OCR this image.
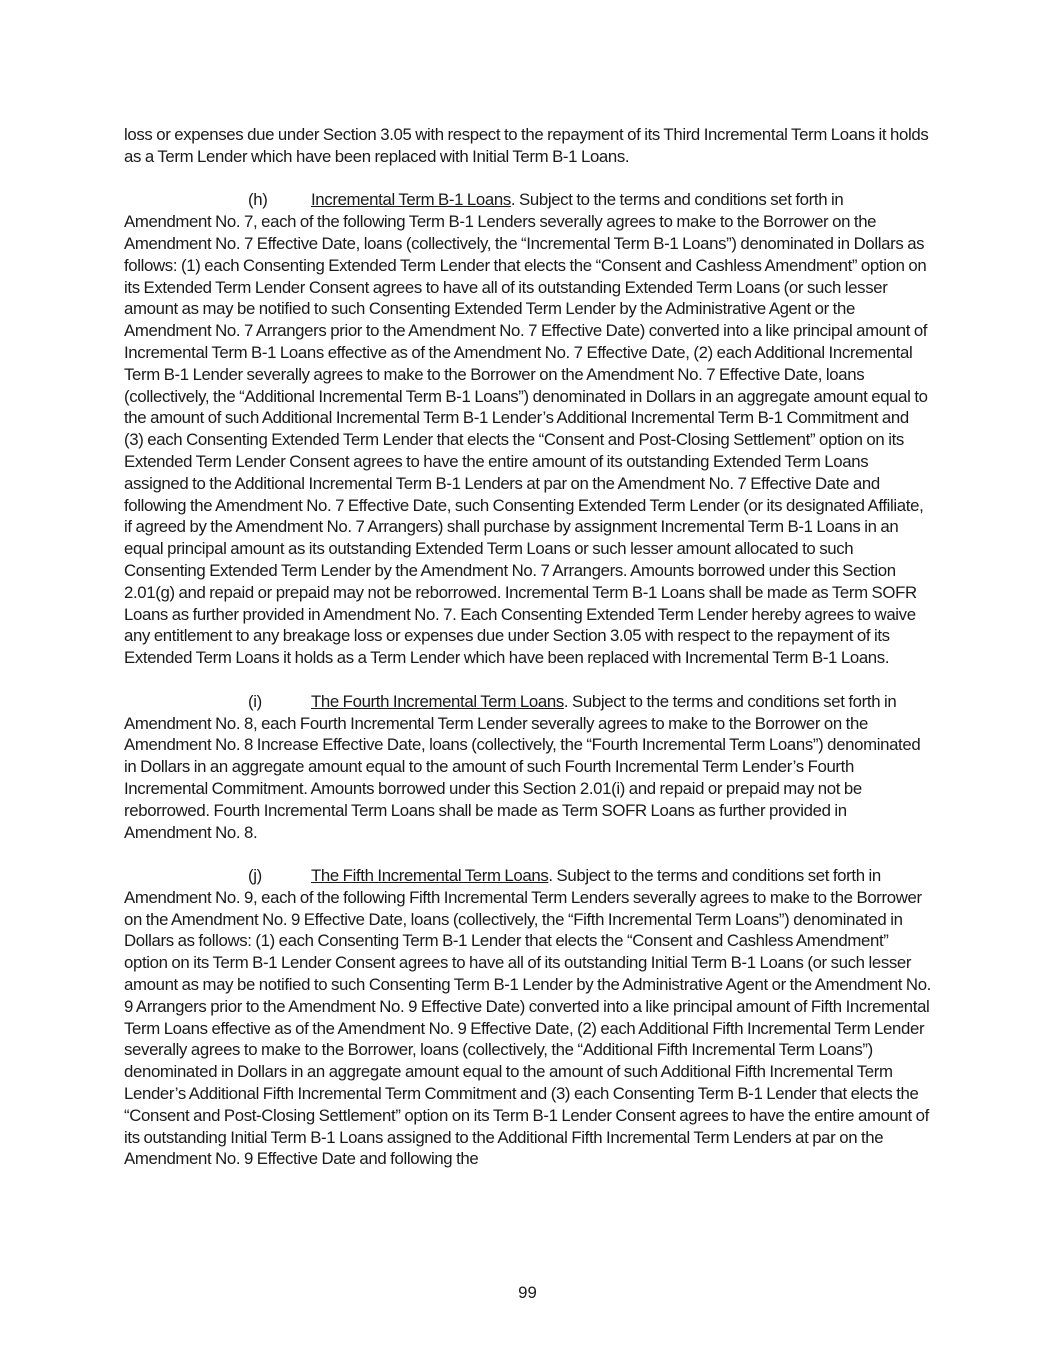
loss or expenses due under Section 3.05 with respect to the repayment of its Third Incremental Term Loans it holds as a Term Lender which have been replaced with Initial Term B-1 Loans.

(h)	Incremental Term B-1 Loans. Subject to the terms and conditions set forth in Amendment No. 7, each of the following Term B-1 Lenders severally agrees to make to the Borrower on the Amendment No. 7 Effective Date, loans (collectively, the “Incremental Term B-1 Loans”) denominated in Dollars as follows: (1) each Consenting Extended Term Lender that elects the “Consent and Cashless Amendment” option on its Extended Term Lender Consent agrees to have all of its outstanding Extended Term Loans (or such lesser amount as may be notified to such Consenting Extended Term Lender by the Administrative Agent or the Amendment No. 7 Arrangers prior to the Amendment No. 7 Effective Date) converted into a like principal amount of Incremental Term B-1 Loans effective as of the Amendment No. 7 Effective Date, (2) each Additional Incremental Term B-1 Lender severally agrees to make to the Borrower on the Amendment No. 7 Effective Date, loans (collectively, the “Additional Incremental Term B-1 Loans”) denominated in Dollars in an aggregate amount equal to the amount of such Additional Incremental Term B-1 Lender’s Additional Incremental Term B-1 Commitment and (3) each Consenting Extended Term Lender that elects the “Consent and Post-Closing Settlement” option on its Extended Term Lender Consent agrees to have the entire amount of its outstanding Extended Term Loans assigned to the Additional Incremental Term B-1 Lenders at par on the Amendment No. 7 Effective Date and following the Amendment No. 7 Effective Date, such Consenting Extended Term Lender (or its designated Affiliate, if agreed by the Amendment No. 7 Arrangers) shall purchase by assignment Incremental Term B-1 Loans in an equal principal amount as its outstanding Extended Term Loans or such lesser amount allocated to such Consenting Extended Term Lender by the Amendment No. 7 Arrangers. Amounts borrowed under this Section 2.01(g) and repaid or prepaid may not be reborrowed. Incremental Term B-1 Loans shall be made as Term SOFR Loans as further provided in Amendment No. 7. Each Consenting Extended Term Lender hereby agrees to waive any entitlement to any breakage loss or expenses due under Section 3.05 with respect to the repayment of its Extended Term Loans it holds as a Term Lender which have been replaced with Incremental Term B-1 Loans.

(i)	The Fourth Incremental Term Loans. Subject to the terms and conditions set forth in Amendment No. 8, each Fourth Incremental Term Lender severally agrees to make to the Borrower on the Amendment No. 8 Increase Effective Date, loans (collectively, the “Fourth Incremental Term Loans”) denominated in Dollars in an aggregate amount equal to the amount of such Fourth Incremental Term Lender’s Fourth Incremental Commitment. Amounts borrowed under this Section 2.01(i) and repaid or prepaid may not be reborrowed. Fourth Incremental Term Loans shall be made as Term SOFR Loans as further provided in Amendment No. 8.

(j)	The Fifth Incremental Term Loans. Subject to the terms and conditions set forth in Amendment No. 9, each of the following Fifth Incremental Term Lenders severally agrees to make to the Borrower on the Amendment No. 9 Effective Date, loans (collectively, the “Fifth Incremental Term Loans”) denominated in Dollars as follows: (1) each Consenting Term B-1 Lender that elects the “Consent and Cashless Amendment” option on its Term B-1 Lender Consent agrees to have all of its outstanding Initial Term B-1 Loans (or such lesser amount as may be notified to such Consenting Term B-1 Lender by the Administrative Agent or the Amendment No. 9 Arrangers prior to the Amendment No. 9 Effective Date) converted into a like principal amount of Fifth Incremental Term Loans effective as of the Amendment No. 9 Effective Date, (2) each Additional Fifth Incremental Term Lender severally agrees to make to the Borrower, loans (collectively, the “Additional Fifth Incremental Term Loans”) denominated in Dollars in an aggregate amount equal to the amount of such Additional Fifth Incremental Term Lender’s Additional Fifth Incremental Term Commitment and (3) each Consenting Term B-1 Lender that elects the “Consent and Post-Closing Settlement” option on its Term B-1 Lender Consent agrees to have the entire amount of its outstanding Initial Term B-1 Loans assigned to the Additional Fifth Incremental Term Lenders at par on the Amendment No. 9 Effective Date and following the

99
